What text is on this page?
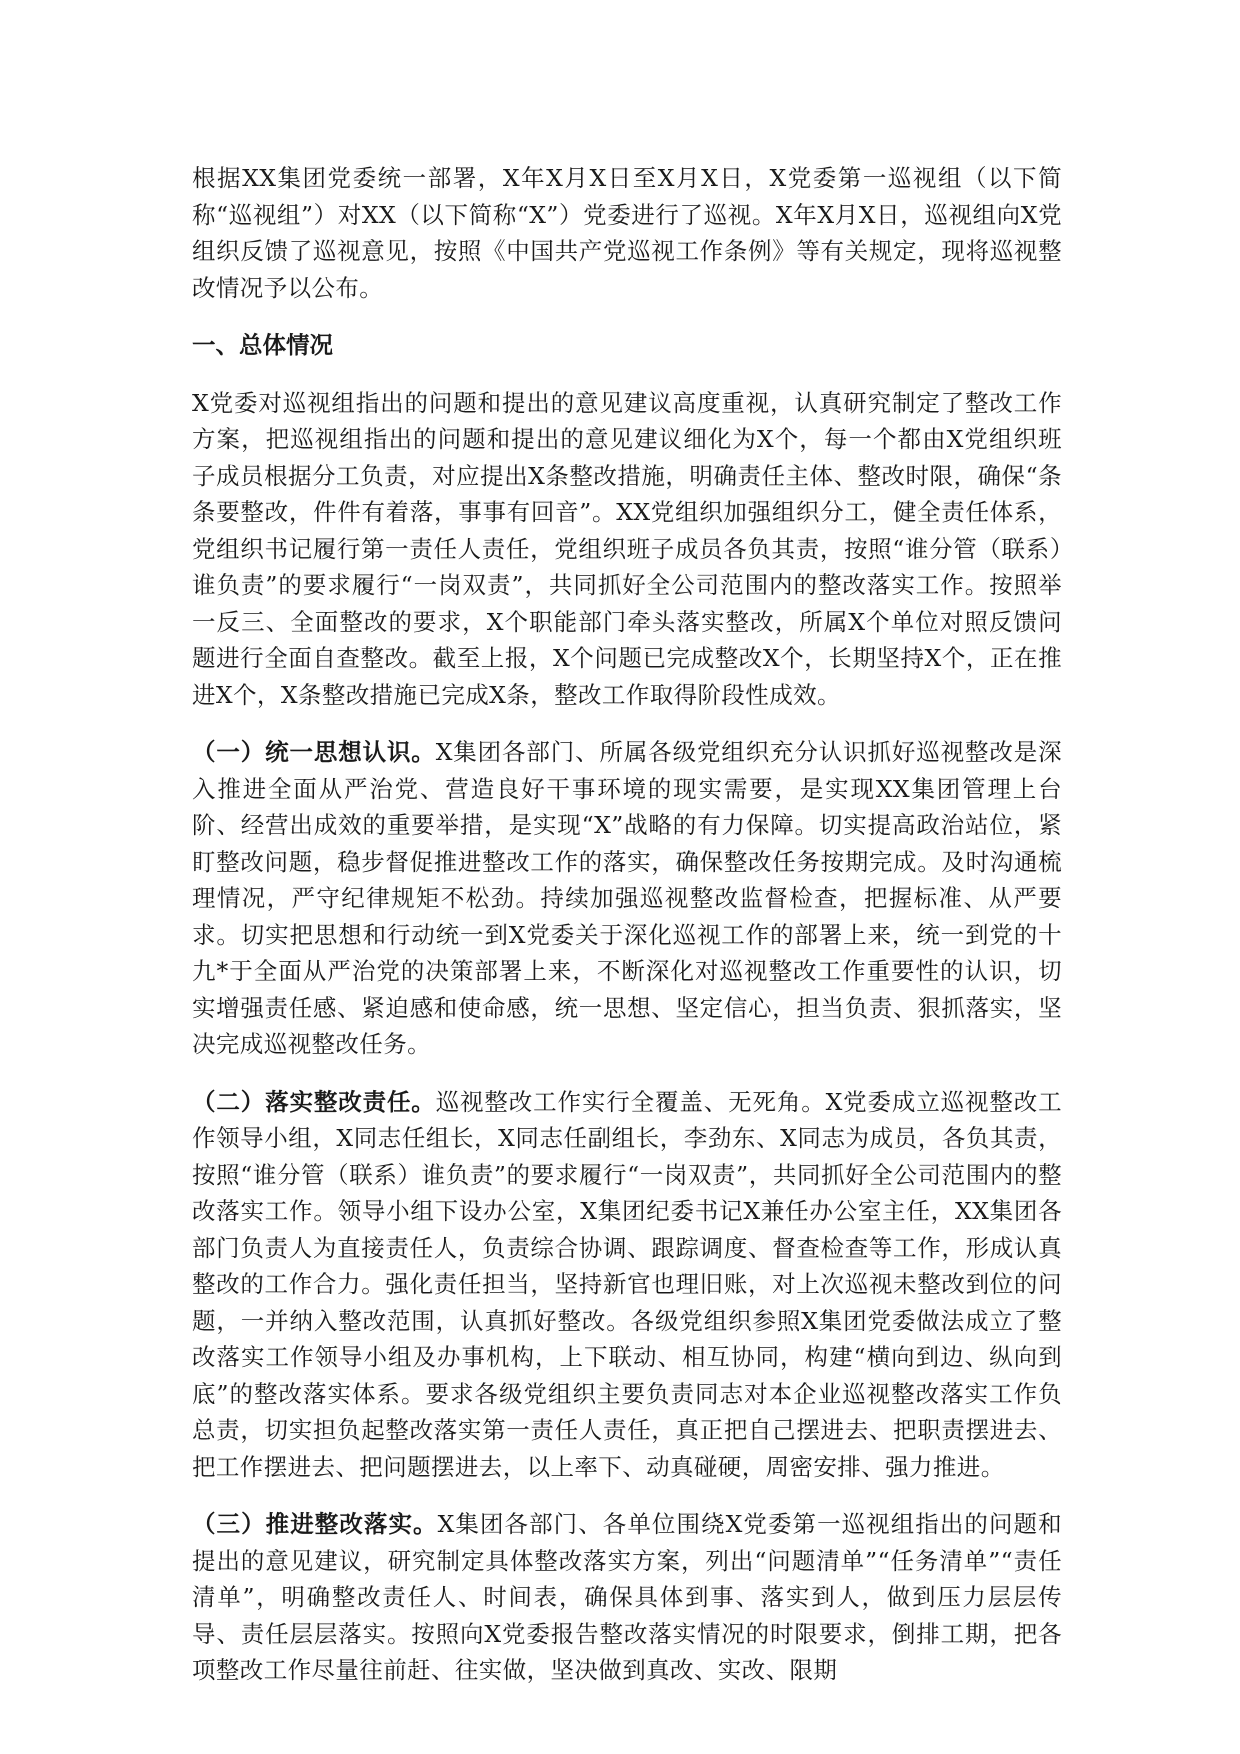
根据XX集团党委统一部署，X年X月X日至X月X日，X党委第一巡视组（以下简称“巡视组”）对XX（以下简称“X”）党委进行了巡视。X年X月X日，巡视组向X党组织反馈了巡视意见，按照《中国共产党巡视工作条例》等有关规定，现将巡视整改情况予以公布。

一、总体情况

X党委对巡视组指出的问题和提出的意见建议高度重视，认真研究制定了整改工作方案，把巡视组指出的问题和提出的意见建议细化为X个，每一个都由X党组织班子成员根据分工负责，对应提出X条整改措施，明确责任主体、整改时限，确保“条条要整改，件件有着落，事事有回音”。XX党组织加强组织分工，健全责任体系，党组织书记履行第一责任人责任，党组织班子成员各负其责，按照“谁分管（联系）谁负责”的要求履行“一岗双责”，共同抓好全公司范围内的整改落实工作。按照举一反三、全面整改的要求，X个职能部门牵头落实整改，所属X个单位对照反馈问题进行全面自查整改。截至上报，X个问题已完成整改X个，长期坚持X个，正在推进X个，X条整改措施已完成X条，整改工作取得阶段性成效。

（一）统一思想认识。X集团各部门、所属各级党组织充分认识抓好巡视整改是深入推进全面从严治党、营造良好干事环境的现实需要，是实现XX集团管理上台阶、经营出成效的重要举措，是实现“X”战略的有力保障。切实提高政治站位，紧盯整改问题，稳步督促推进整改工作的落实，确保整改任务按期完成。及时沟通梳理情况，严守纪律规矩不松劲。持续加强巡视整改监督检查，把握标准、从严要求。切实把思想和行动统一到X党委关于深化巡视工作的部署上来，统一到党的十九*于全面从严治党的决策部署上来，不断深化对巡视整改工作重要性的认识，切实增强责任感、紧迫感和使命感，统一思想、坚定信心，担当负责、狠抓落实，坚决完成巡视整改任务。

（二）落实整改责任。巡视整改工作实行全覆盖、无死角。X党委成立巡视整改工作领导小组，X同志任组长，X同志任副组长，李劲东、X同志为成员，各负其责，按照“谁分管（联系）谁负责”的要求履行“一岗双责”，共同抓好全公司范围内的整改落实工作。领导小组下设办公室，X集团纪委书记X兼任办公室主任，XX集团各部门负责人为直接责任人，负责综合协调、跟踪调度、督查检查等工作，形成认真整改的工作合力。强化责任担当，坚持新官也理旧账，对上次巡视未整改到位的问题，一并纳入整改范围，认真抓好整改。各级党组织参照X集团党委做法成立了整改落实工作领导小组及办事机构，上下联动、相互协同，构建“横向到边、纵向到底”的整改落实体系。要求各级党组织主要负责同志对本企业巡视整改落实工作负总责，切实担负起整改落实第一责任人责任，真正把自己摆进去、把职责摆进去、把工作摆进去、把问题摆进去，以上率下、动真碰硬，周密安排、强力推进。

（三）推进整改落实。X集团各部门、各单位围绕X党委第一巡视组指出的问题和提出的意见建议，研究制定具体整改落实方案，列出“问题清单”“任务清单”“责任清单”，明确整改责任人、时间表，确保具体到事、落实到人，做到压力层层传导、责任层层落实。按照向X党委报告整改落实情况的时限要求，倒排工期，把各项整改工作尽量往前赶、往实做，坚决做到真改、实改、限期
